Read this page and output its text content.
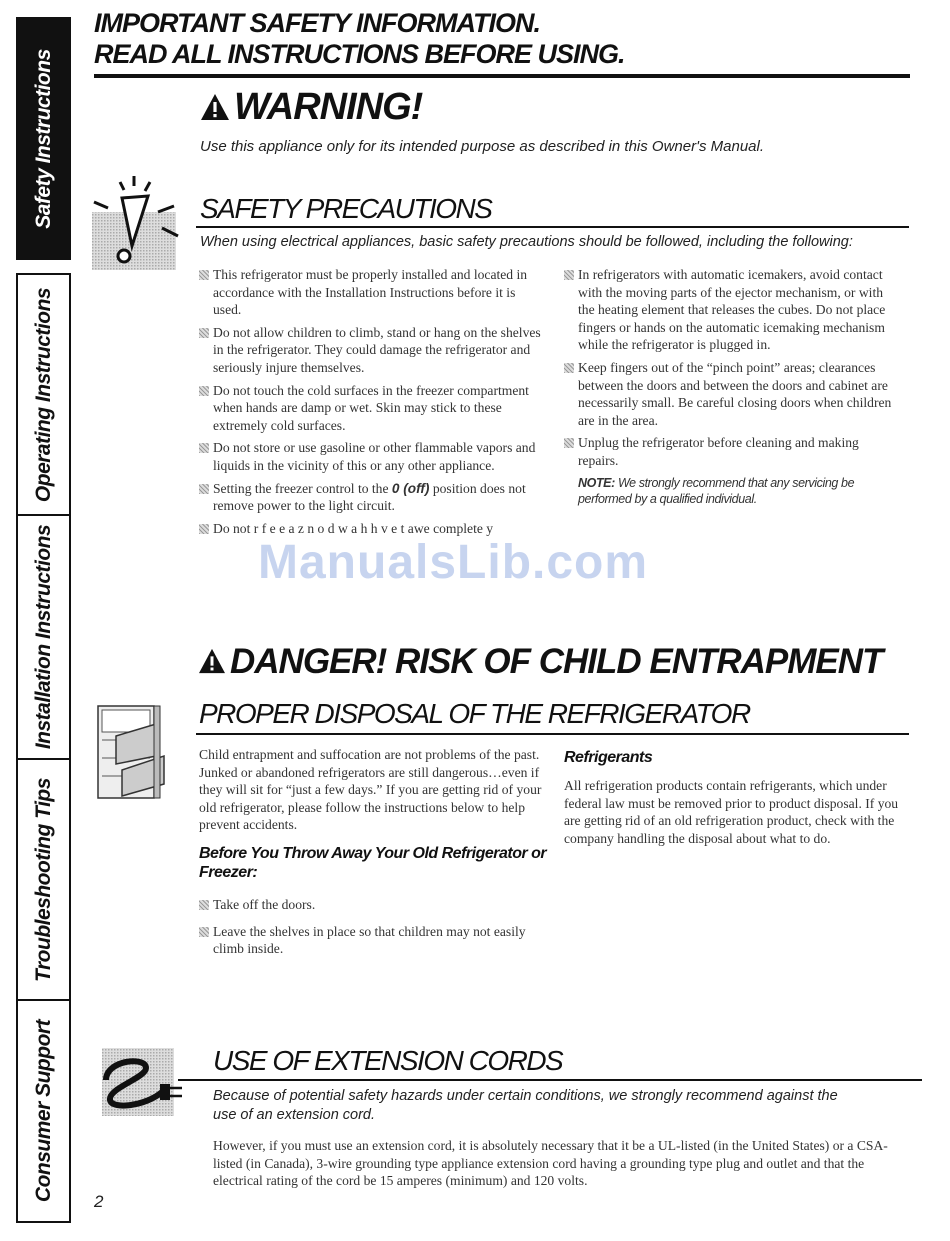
Safety Instructions
Operating Instructions
Installation Instructions
Troubleshooting Tips
Consumer Support
IMPORTANT SAFETY INFORMATION.
READ ALL INSTRUCTIONS BEFORE USING.
WARNING!
Use this appliance only for its intended purpose as described in this Owner's Manual.
SAFETY PRECAUTIONS
When using electrical appliances, basic safety precautions should be followed, including the following:

This refrigerator must be properly installed and located in accordance with the Installation Instructions before it is used.

Do not allow children to climb, stand or hang on the shelves in the refrigerator. They could damage the refrigerator and seriously injure themselves.

Do not touch the cold surfaces in the freezer compartment when hands are damp or wet. Skin may stick to these extremely cold surfaces.

Do not store or use gasoline or other flammable vapors and liquids in the vicinity of this or any other appliance.

Setting the freezer control to the 0 (off) position does not remove power to the light circuit.

Do not r f e e a z n o d w a h h v e t awe complete y

In refrigerators with automatic icemakers, avoid contact with the moving parts of the ejector mechanism, or with the heating element that releases the cubes. Do not place fingers or hands on the automatic icemaking mechanism while the refrigerator is plugged in.

Keep fingers out of the “pinch point” areas; clearances between the doors and between the doors and cabinet are necessarily small. Be careful closing doors when children are in the area.

Unplug the refrigerator before cleaning and making repairs.

NOTE: We strongly recommend that any servicing be performed by a qualified individual.

ManualsLib.com
DANGER! RISK OF CHILD ENTRAPMENT
PROPER DISPOSAL OF THE REFRIGERATOR

Child entrapment and suffocation are not problems of the past. Junked or abandoned refrigerators are still dangerous…even if they will sit for “just a few days.” If you are getting rid of your old refrigerator, please follow the instructions below to help prevent accidents.

Before You Throw Away Your Old Refrigerator or Freezer:

Take off the doors.

Leave the shelves in place so that children may not easily climb inside.

Refrigerants

All refrigeration products contain refrigerants, which under federal law must be removed prior to product disposal. If you are getting rid of an old refrigeration product, check with the company handling the disposal about what to do.

USE OF EXTENSION CORDS
Because of potential safety hazards under certain conditions, we strongly recommend against the use of an extension cord.
However, if you must use an extension cord, it is absolutely necessary that it be a UL-listed (in the United States) or a CSA-listed (in Canada), 3-wire grounding type appliance extension cord having a grounding type plug and outlet and that the electrical rating of the cord be 15 amperes (minimum) and 120 volts.
2
